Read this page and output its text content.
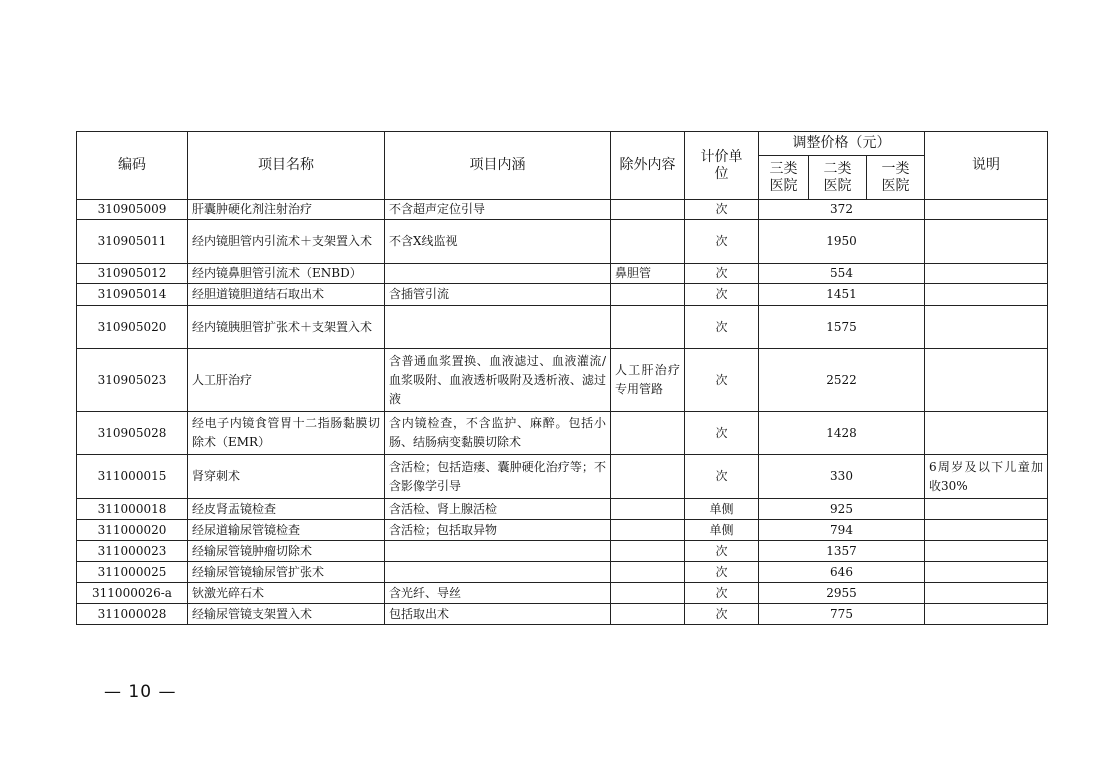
编码	项目名称	项目内涵	除外内容	计价单位	调整价格（元）			说明
					三类医院	二类医院	一类医院	
310905009	肝囊肿硬化剂注射治疗	不含超声定位引导		次	372			
310905011	经内镜胆管内引流术＋支架置入术	不含X线监视		次	1950			
310905012	经内镜鼻胆管引流术（ENBD）		鼻胆管	次	554			
310905014	经胆道镜胆道结石取出术	含插管引流		次	1451			
310905020	经内镜胰胆管扩张术＋支架置入术			次	1575			
310905023	人工肝治疗	含普通血浆置换、血液滤过、血液灌流/血浆吸附、血液透析吸附及透析液、滤过液	人工肝治疗专用管路	次	2522			
310905028	经电子内镜食管胃十二指肠黏膜切除术（EMR）	含内镜检查，不含监护、麻醉。包括小肠、结肠病变黏膜切除术		次	1428			
311000015	肾穿刺术	含活检；包括造瘘、囊肿硬化治疗等；不含影像学引导		次	330			6周岁及以下儿童加收30%
311000018	经皮肾盂镜检查	含活检、肾上腺活检		单侧	925			
311000020	经尿道输尿管镜检查	含活检；包括取异物		单侧	794			
311000023	经输尿管镜肿瘤切除术			次	1357			
311000025	经输尿管镜输尿管扩张术			次	646			
311000026-a	钬激光碎石术	含光纤、导丝		次	2955			
311000028	经输尿管镜支架置入术	包括取出术		次	775			
— 10 —
